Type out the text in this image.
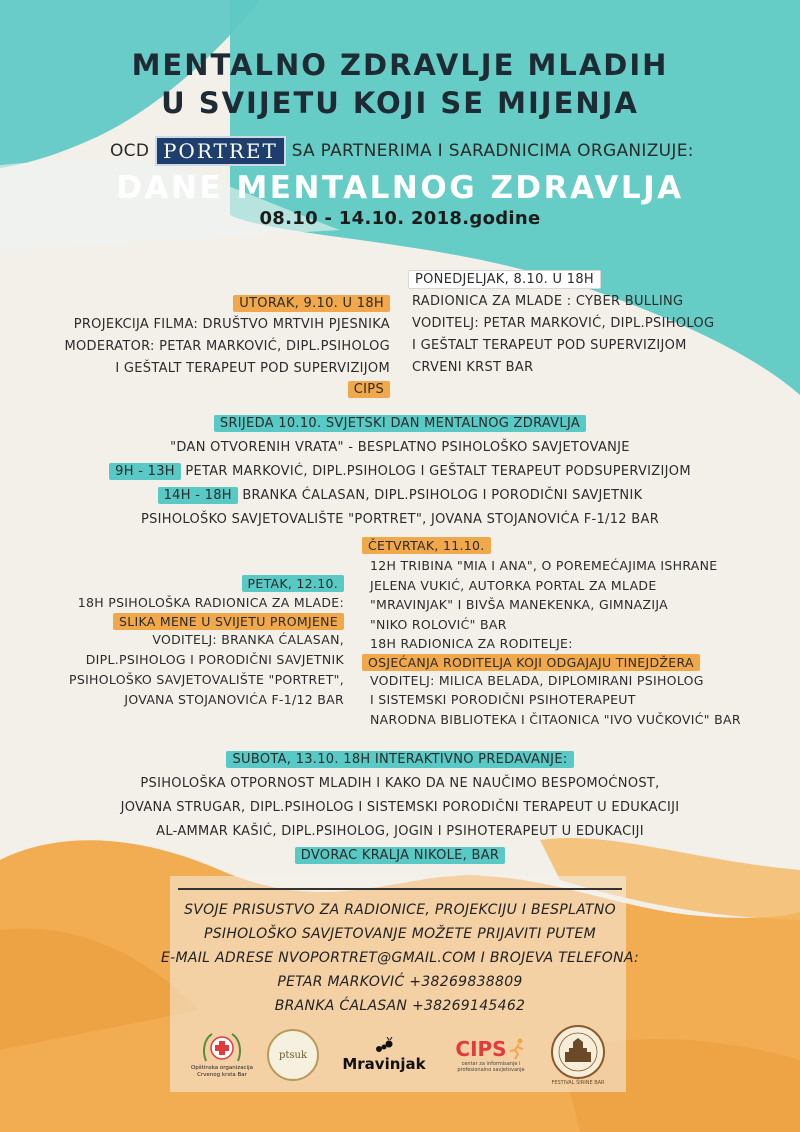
MENTALNO ZDRAVLJE MLADIH
U SVIJETU KOJI SE MIJENJA
OCD PORTRET SA PARTNERIMA I SARADNICIMA ORGANIZUJE:
DANE MENTALNOG ZDRAVLJA
08.10 - 14.10. 2018.godine
PONEDJELJAK, 8.10. U 18H
RADIONICA ZA MLADE : CYBER BULLING
VODITELJ: PETAR MARKOVIĆ, DIPL.PSIHOLOG
I GEŠTALT TERAPEUT POD SUPERVIZIJOM
CRVENI KRST BAR
UTORAK, 9.10. U 18H
PROJEKCIJA FILMA: DRUŠTVO MRTVIH PJESNIKA
MODERATOR: PETAR MARKOVIĆ, DIPL.PSIHOLOG
I GEŠTALT TERAPEUT POD SUPERVIZIJOM
CIPS
SRIJEDA 10.10. SVJETSKI DAN MENTALNOG ZDRAVLJA
"DAN OTVORENIH VRATA" - BESPLATNO PSIHOLOŠKO SAVJETOVANJE
9H - 13H PETAR MARKOVIĆ, DIPL.PSIHOLOG I GEŠTALT TERAPEUT PODSUPERVIZIJOM
14H - 18H BRANKA ĆALASAN, DIPL.PSIHOLOG I PORODIČNI SAVJETNIK
PSIHOLOŠKO SAVJETOVALIŠTE "PORTRET", JOVANA STOJANOVIĆA F-1/12 BAR
ČETVRTAK, 11.10.
12H TRIBINA "MIA I ANA", O POREMEĆAJIMA ISHRANE
JELENA VUKIĆ, AUTORKA PORTAL ZA MLADE
"MRAVINJAK" I BIVŠA MANEKENKA, GIMNAZIJA
"NIKO ROLOVIĆ" BAR
18H RADIONICA ZA RODITELJE:
OSJEĆANJA RODITELJA KOJI ODGAJAJU TINEJDŽERA
VODITELJ: MILICA BELADA, DIPLOMIRANI PSIHOLOG
I SISTEMSKI PORODIČNI PSIHOTERAPEUT
NARODNA BIBLIOTEKA I ČITAONICA "IVO VUČKOVIĆ" BAR
PETAK, 12.10.
18H PSIHOLOŠKA RADIONICA ZA MLADE:
SLIKA MENE U SVIJETU PROMJENE
VODITELJ: BRANKA ĆALASAN,
DIPL.PSIHOLOG I PORODIČNI SAVJETNIK
PSIHOLOŠKO SAVJETOVALIŠTE "PORTRET",
JOVANA STOJANOVIĆA F-1/12 BAR
SUBOTA, 13.10. 18H INTERAKTIVNO PREDAVANJE:
PSIHOLOŠKA OTPORNOST MLADIH I KAKO DA NE NAUČIMO BESPOMOĆNOST,
JOVANA STRUGAR, DIPL.PSIHOLOG I SISTEMSKI PORODIČNI TERAPEUT U EDUKACIJI
AL-AMMAR KAŠIĆ, DIPL.PSIHOLOG, JOGIN I PSIHOTERAPEUT U EDUKACIJI
DVORAC KRALJA NIKOLE, BAR
SVOJE PRISUSTVO ZA RADIONICE, PROJEKCIJU I BESPLATNO
PSIHOLOŠKO SAVJETOVANJE MOŽETE PRIJAVITI PUTEM
E-MAIL ADRESE NVOPORTRET@GMAIL.COM I BROJEVA TELEFONA:
PETAR MARKOVIĆ +38269838809
BRANKA ĆALASAN +38269145462
Opštinska organizacija Crvenog krsta Bar
ptsuk	Mravinjak
CIPS
centar za informisanje i profesionalno savjetovanje
FESTIVAL ŠIRINE BAR
